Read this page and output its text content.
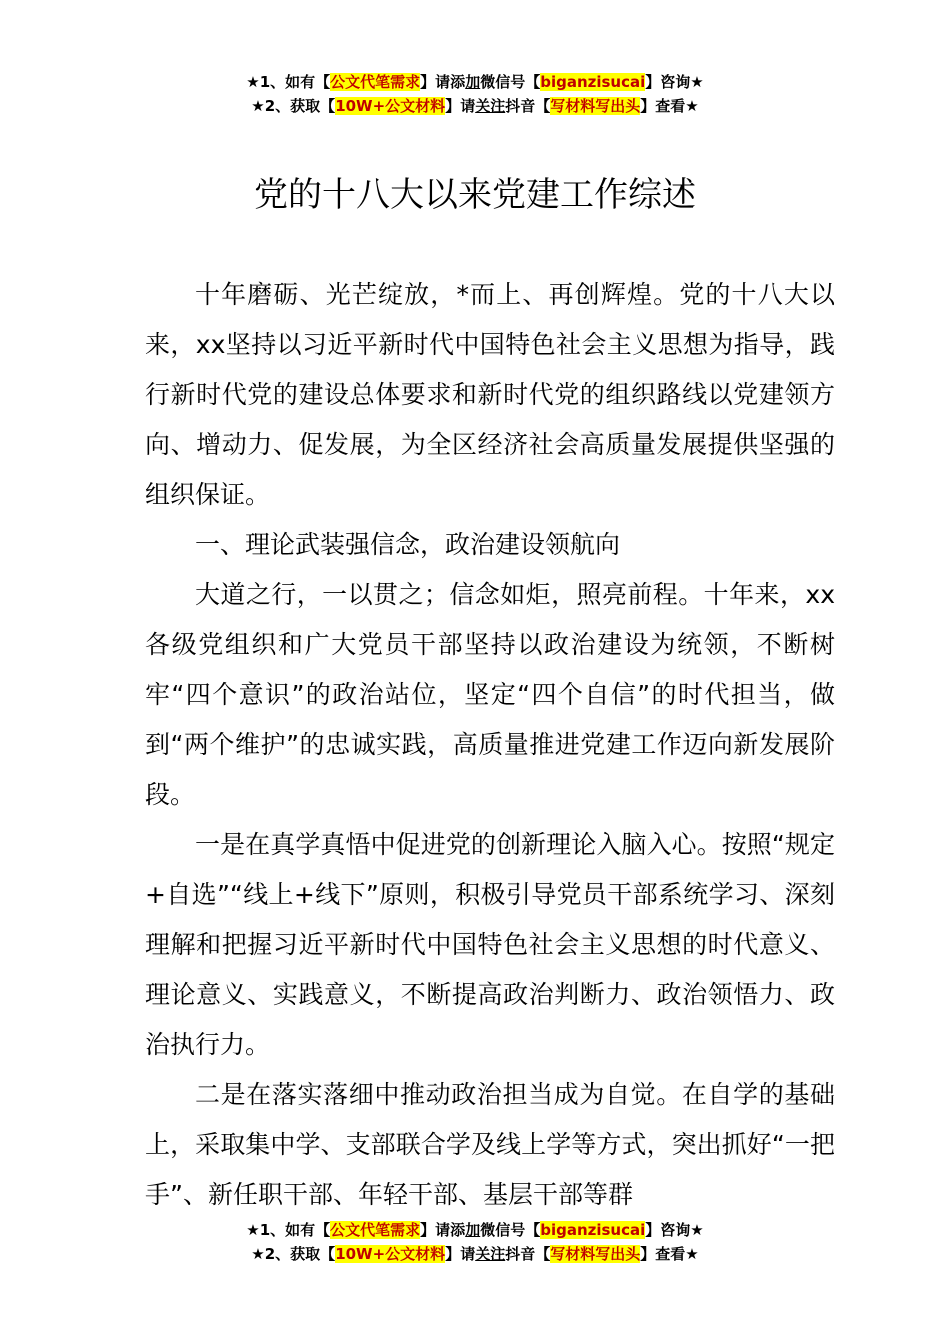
★1、如有【公文代笔需求】请添加微信号【biganzisucai】咨询★
★2、获取【10W+公文材料】请关注抖音【写材料写出头】查看★
党的十八大以来党建工作综述

十年磨砺、光芒绽放，*而上、再创辉煌。党的十八大以来，xx坚持以习近平新时代中国特色社会主义思想为指导，践行新时代党的建设总体要求和新时代党的组织路线以党建领方向、增动力、促发展，为全区经济社会高质量发展提供坚强的组织保证。

一、理论武装强信念，政治建设领航向

大道之行，一以贯之；信念如炬，照亮前程。十年来，xx各级党组织和广大党员干部坚持以政治建设为统领，不断树牢“四个意识”的政治站位，坚定“四个自信”的时代担当，做到“两个维护”的忠诚实践，高质量推进党建工作迈向新发展阶段。

一是在真学真悟中促进党的创新理论入脑入心。按照“规定+自选”“线上+线下”原则，积极引导党员干部系统学习、深刻理解和把握习近平新时代中国特色社会主义思想的时代意义、理论意义、实践意义，不断提高政治判断力、政治领悟力、政治执行力。

二是在落实落细中推动政治担当成为自觉。在自学的基础上，采取集中学、支部联合学及线上学等方式，突出抓好“一把手”、新任职干部、年轻干部、基层干部等群

★1、如有【公文代笔需求】请添加微信号【biganzisucai】咨询★
★2、获取【10W+公文材料】请关注抖音【写材料写出头】查看★
